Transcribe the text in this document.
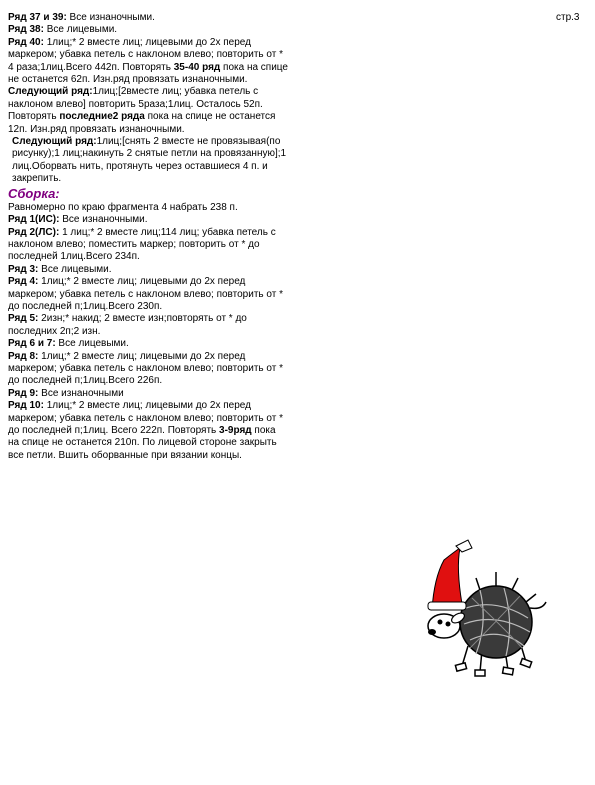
стр.3

Ряд 37 и 39: Все изнаночными.

Ряд 38: Все лицевыми.

Ряд 40: 1лиц;* 2 вместе лиц; лицевыми до 2х перед маркером; убавка петель с наклоном влево; повторить от * 4 раза;1лиц.Всего 442п. Повторять 35-40 ряд пока на спице не останется 62п. Изн.ряд провязать изнаночными.

Следующий ряд:1лиц;[2вместе лиц; убавка петель с наклоном влево] повторить 5раза;1лиц. Осталось 52п. Повторять последние2 ряда пока на спице не останется 12п. Изн.ряд провязать изнаночными.

Следующий ряд:1лиц;[снять 2 вместе не провязывая(по рисунку);1 лиц;накинуть 2 снятые петли на провязанную];1 лиц.Оборвать нить, протянуть через оставшиеся 4 п. и закрепить.

Сборка:

Равномерно по краю фрагмента 4 набрать 238 п.

Ряд 1(ИС): Все изнаночными.

Ряд 2(ЛС): 1 лиц;* 2 вместе лиц;114 лиц; убавка петель с наклоном влево; поместить маркер; повторить от * до последней 1лиц.Всего 234п.

Ряд 3: Все лицевыми.

Ряд 4: 1лиц;* 2 вместе лиц; лицевыми до 2х перед маркером; убавка петель с наклоном влево; повторить от * до последней п;1лиц.Всего 230п.

Ряд 5: 2изн;* накид; 2 вместе изн;повторять от * до последних 2п;2 изн.

Ряд 6 и 7: Все лицевыми.

Ряд 8: 1лиц;* 2 вместе лиц; лицевыми до 2х перед маркером; убавка петель с наклоном влево; повторить от * до последней п;1лиц.Всего 226п.

Ряд 9: Все изнаночными

Ряд 10: 1лиц;* 2 вместе лиц; лицевыми до 2х перед маркером; убавка петель с наклоном влево; повторить от * до последней п;1лиц. Всего 222п. Повторять 3-9ряд пока на спице не останется 210п. По лицевой стороне закрыть все петли. Вшить оборванные при вязании концы.
